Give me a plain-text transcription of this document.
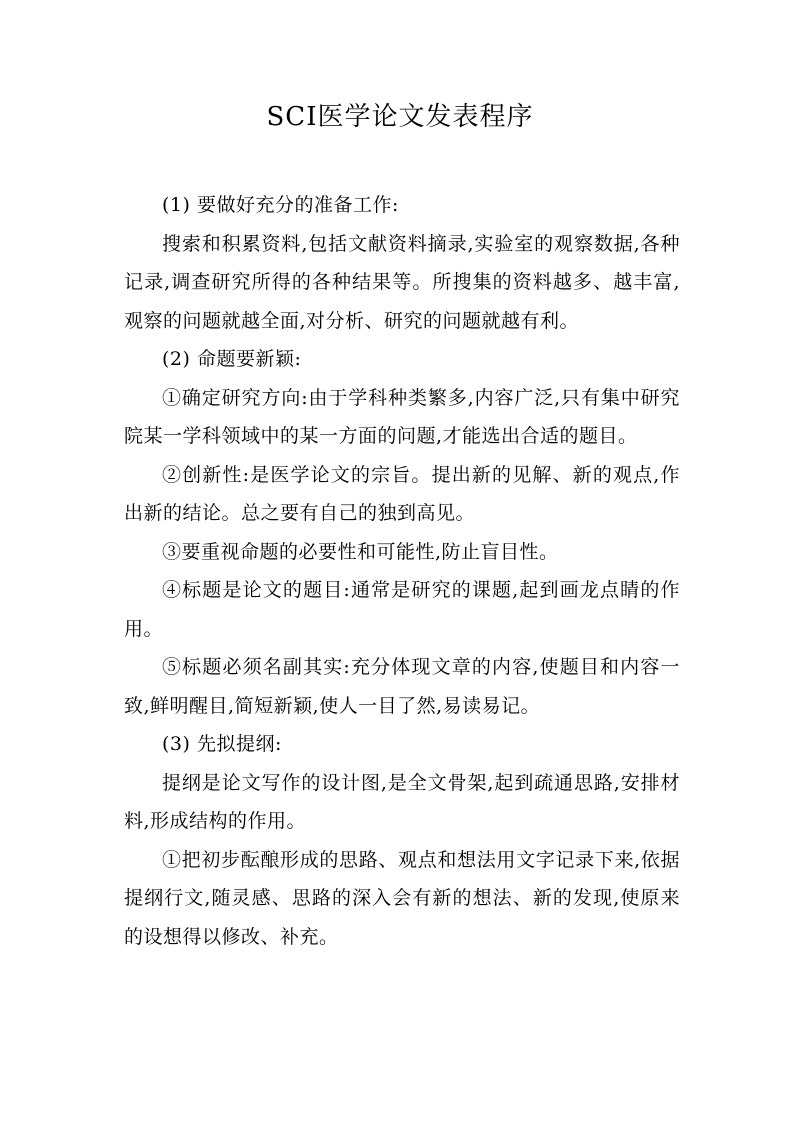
SCI医学论文发表程序

(1) 要做好充分的准备工作:

搜索和积累资料,包括文献资料摘录,实验室的观察数据,各种记录,调查研究所得的各种结果等。所搜集的资料越多、越丰富,观察的问题就越全面,对分析、研究的问题就越有利。

(2) 命题要新颖:

①确定研究方向:由于学科种类繁多,内容广泛,只有集中研究院某一学科领域中的某一方面的问题,才能选出合适的题目。

②创新性:是医学论文的宗旨。提出新的见解、新的观点,作出新的结论。总之要有自己的独到高见。

③要重视命题的必要性和可能性,防止盲目性。

④标题是论文的题目:通常是研究的课题,起到画龙点睛的作用。

⑤标题必须名副其实:充分体现文章的内容,使题目和内容一致,鲜明醒目,简短新颖,使人一目了然,易读易记。

(3) 先拟提纲:

提纲是论文写作的设计图,是全文骨架,起到疏通思路,安排材料,形成结构的作用。

①把初步酝酿形成的思路、观点和想法用文字记录下来,依据提纲行文,随灵感、思路的深入会有新的想法、新的发现,使原来的设想得以修改、补充。
